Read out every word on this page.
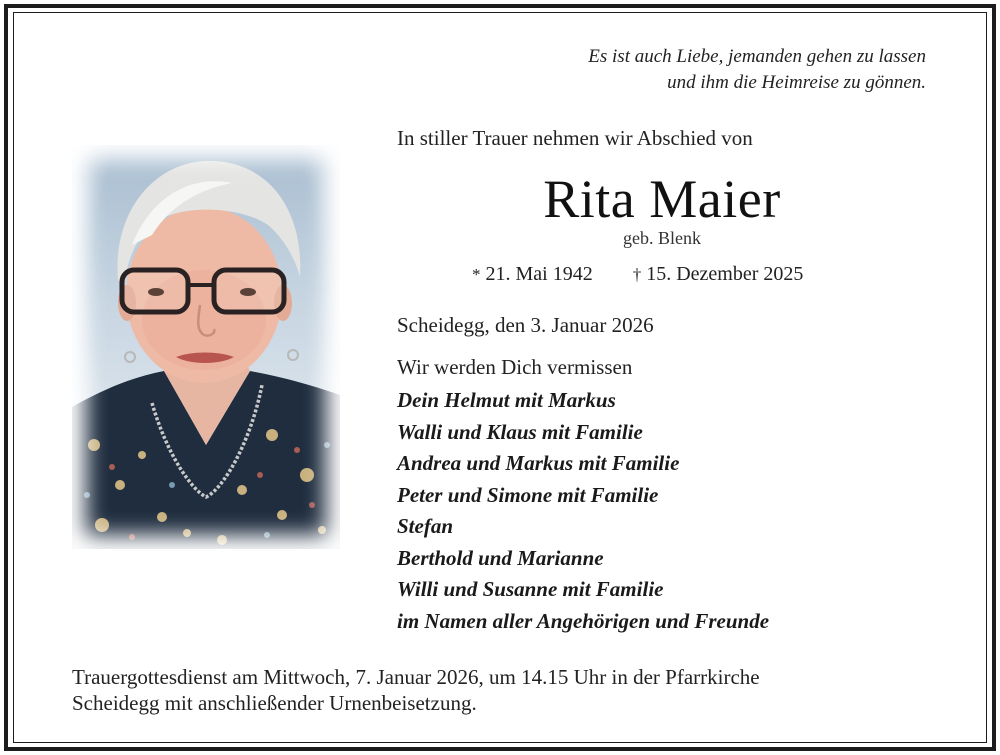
Es ist auch Liebe, jemanden gehen zu lassen
und ihm die Heimreise zu gönnen.
In stiller Trauer nehmen wir Abschied von
Rita Maier
geb. Blenk
* 21. Mai 1942 † 15. Dezember 2025
Scheidegg, den 3. Januar 2026
Wir werden Dich vermissen
Dein Helmut mit Markus
Walli und Klaus mit Familie
Andrea und Markus mit Familie
Peter und Simone mit Familie
Stefan
Berthold und Marianne
Willi und Susanne mit Familie
im Namen aller Angehörigen und Freunde
Trauergottesdienst am Mittwoch, 7. Januar 2026, um 14.15 Uhr in der Pfarrkirche
Scheidegg mit anschließender Urnenbeisetzung.
